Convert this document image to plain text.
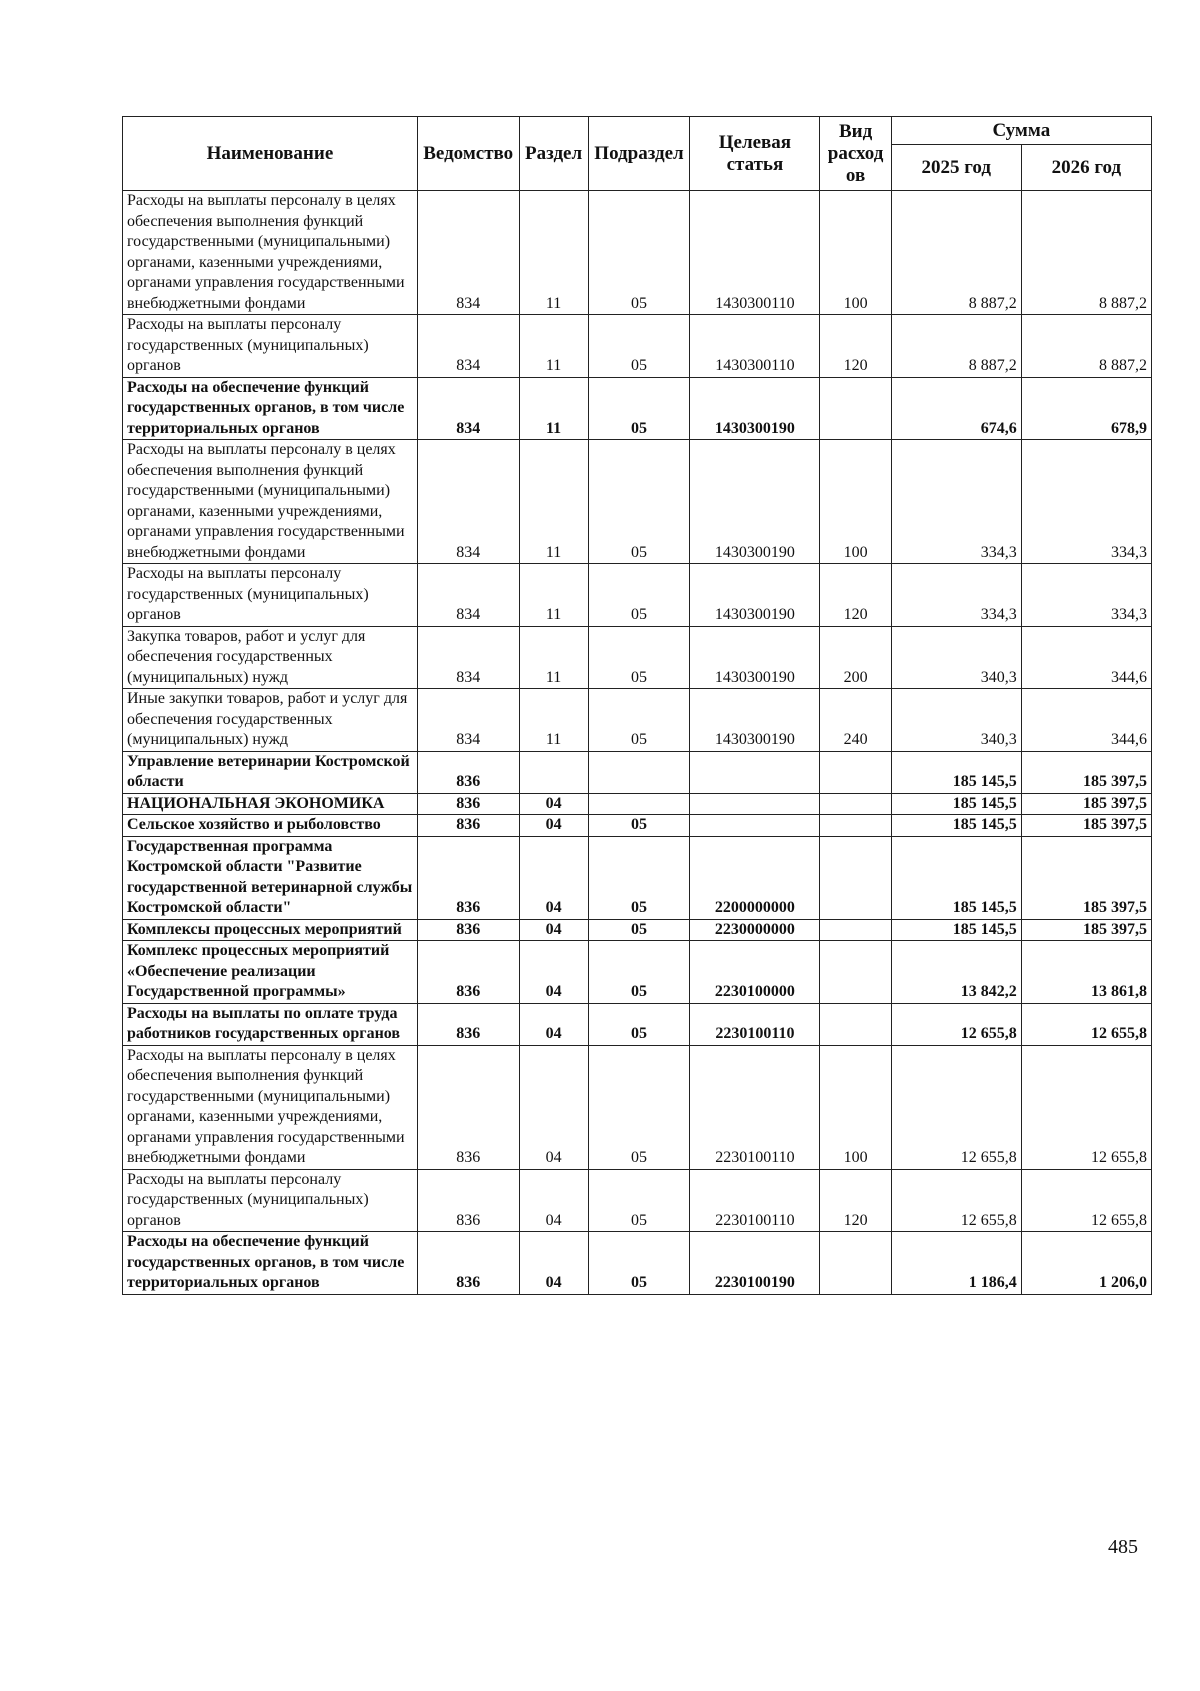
Наименование	Ведомство	Раздел	Подраздел	Целевая статья	Вид расход ов	Сумма	
						2025 год	2026 год
Расходы на выплаты персоналу в целях обеспечения выполнения функций государственными (муниципальными) органами, казенными учреждениями, органами управления государственными внебюджетными фондами	834	11	05	1430300110	100	8 887,2	8 887,2
Расходы на выплаты персоналу государственных (муниципальных) органов	834	11	05	1430300110	120	8 887,2	8 887,2
Расходы на обеспечение функций государственных органов, в том числе территориальных органов	834	11	05	1430300190		674,6	678,9
Расходы на выплаты персоналу в целях обеспечения выполнения функций государственными (муниципальными) органами, казенными учреждениями, органами управления государственными внебюджетными фондами	834	11	05	1430300190	100	334,3	334,3
Расходы на выплаты персоналу государственных (муниципальных) органов	834	11	05	1430300190	120	334,3	334,3
Закупка товаров, работ и услуг для обеспечения государственных (муниципальных) нужд	834	11	05	1430300190	200	340,3	344,6
Иные закупки товаров, работ и услуг для обеспечения государственных (муниципальных) нужд	834	11	05	1430300190	240	340,3	344,6
Управление ветеринарии Костромской области	836					185 145,5	185 397,5
НАЦИОНАЛЬНАЯ ЭКОНОМИКА	836	04				185 145,5	185 397,5
Сельское хозяйство и рыболовство	836	04	05			185 145,5	185 397,5
Государственная программа Костромской области "Развитие государственной ветеринарной службы Костромской области"	836	04	05	2200000000		185 145,5	185 397,5
Комплексы процессных мероприятий	836	04	05	2230000000		185 145,5	185 397,5
Комплекс процессных мероприятий «Обеспечение реализации Государственной программы»	836	04	05	2230100000		13 842,2	13 861,8
Расходы на выплаты по оплате труда работников государственных органов	836	04	05	2230100110		12 655,8	12 655,8
Расходы на выплаты персоналу в целях обеспечения выполнения функций государственными (муниципальными) органами, казенными учреждениями, органами управления государственными внебюджетными фондами	836	04	05	2230100110	100	12 655,8	12 655,8
Расходы на выплаты персоналу государственных (муниципальных) органов	836	04	05	2230100110	120	12 655,8	12 655,8
Расходы на обеспечение функций государственных органов, в том числе территориальных органов	836	04	05	2230100190		1 186,4	1 206,0
485
